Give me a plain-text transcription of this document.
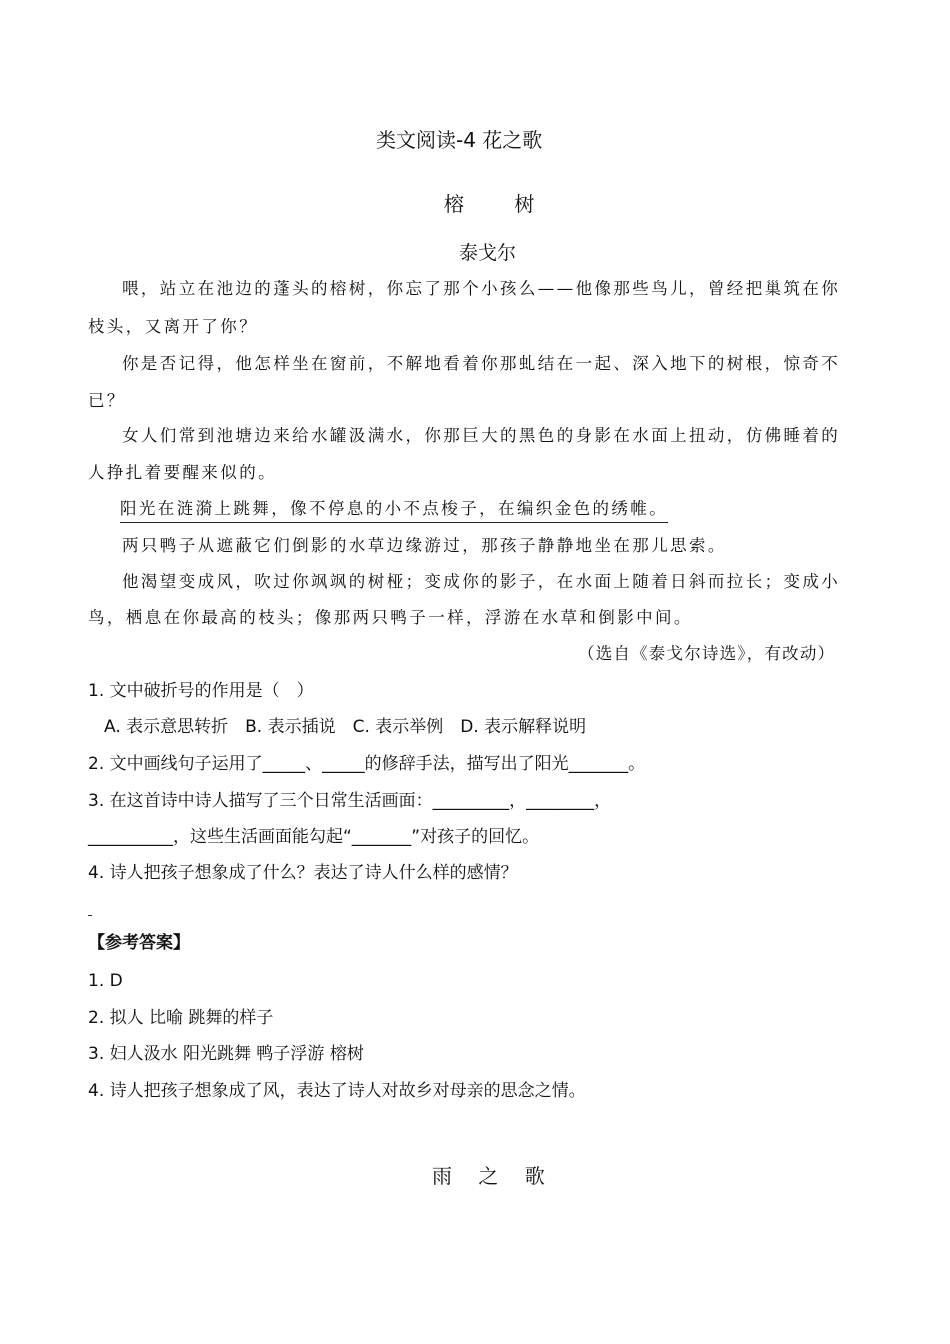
类文阅读-4 花之歌
榕 树
泰戈尔
喂，站立在池边的蓬头的榕树，你忘了那个小孩么——他像那些鸟儿，曾经把巢筑在你
枝头，又离开了你？
你是否记得，他怎样坐在窗前，不解地看着你那虬结在一起、深入地下的树根，惊奇不
已？
女人们常到池塘边来给水罐汲满水，你那巨大的黑色的身影在水面上扭动，仿佛睡着的
人挣扎着要醒来似的。
阳光在涟漪上跳舞，像不停息的小不点梭子，在编织金色的绣帷。
两只鸭子从遮蔽它们倒影的水草边缘游过，那孩子静静地坐在那儿思索。
他渴望变成风，吹过你飒飒的树桠；变成你的影子，在水面上随着日斜而拉长；变成小
鸟，栖息在你最高的枝头；像那两只鸭子一样，浮游在水草和倒影中间。
（选自《泰戈尔诗选》，有改动）
1. 文中破折号的作用是（　）
A. 表示意思转折　B. 表示插说　C. 表示举例　D. 表示解释说明
2. 文中画线句子运用了_____、_____的修辞手法，描写出了阳光_______。
3. 在这首诗中诗人描写了三个日常生活画面：_________，________，
__________，这些生活画面能勾起“_______”对孩子的回忆。
4. 诗人把孩子想象成了什么？表达了诗人什么样的感情？
【参考答案】
1. D
2. 拟人 比喻 跳舞的样子
3. 妇人汲水 阳光跳舞 鸭子浮游 榕树
4. 诗人把孩子想象成了风，表达了诗人对故乡对母亲的思念之情。
雨 之 歌
